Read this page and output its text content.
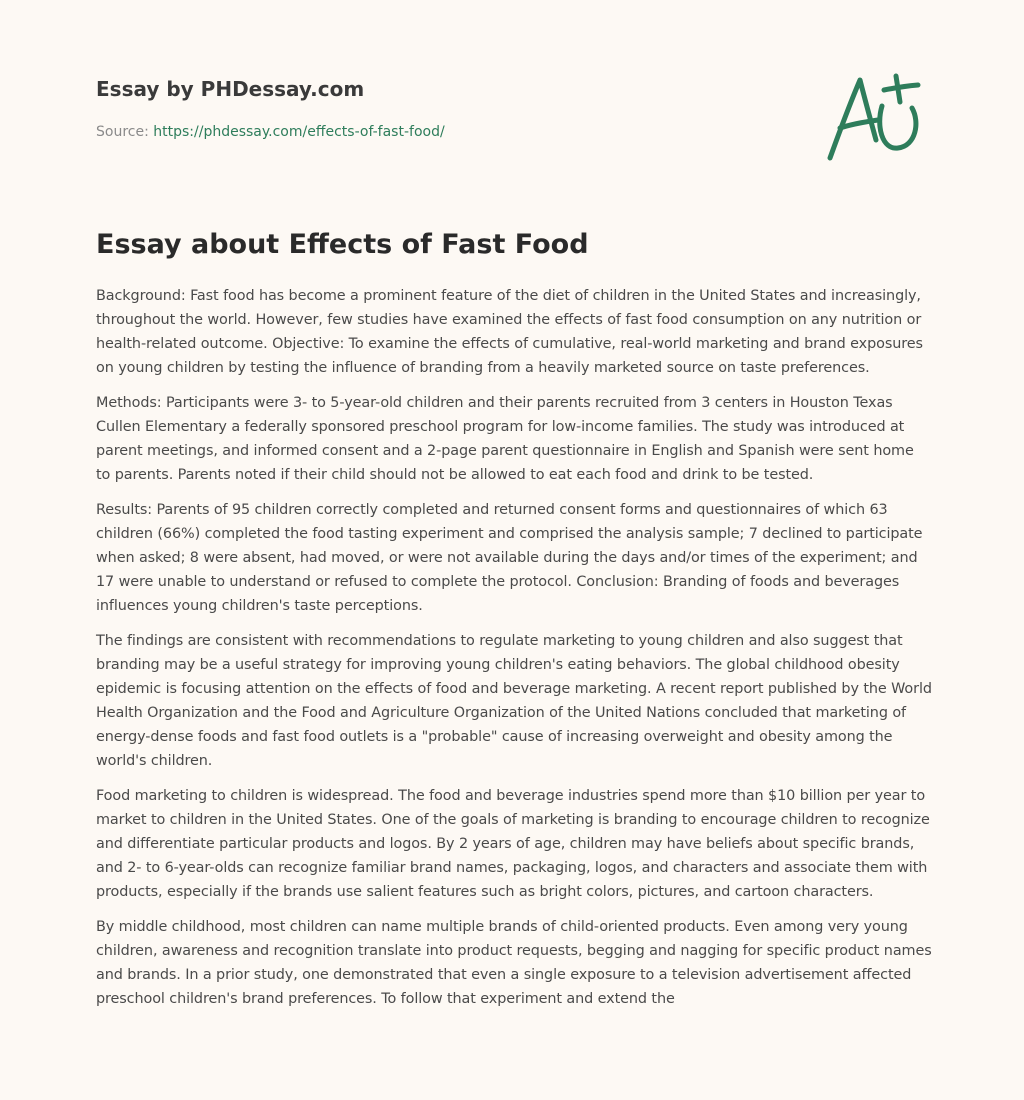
Essay by PHDessay.com
Source: https://phdessay.com/effects-of-fast-food/
Essay about Effects of Fast Food

Background: Fast food has become a prominent feature of the diet of children in the United States and increasingly, throughout the world. However, few studies have examined the effects of fast food consumption on any nutrition or health-related outcome. Objective: To examine the effects of cumulative, real-world marketing and brand exposures on young children by testing the influence of branding from a heavily marketed source on taste preferences.

Methods: Participants were 3- to 5-year-old children and their parents recruited from 3 centers in Houston Texas Cullen Elementary a federally sponsored preschool program for low-income families. The study was introduced at parent meetings, and informed consent and a 2-page parent questionnaire in English and Spanish were sent home to parents. Parents noted if their child should not be allowed to eat each food and drink to be tested.

Results: Parents of 95 children correctly completed and returned consent forms and questionnaires of which 63 children (66%) completed the food tasting experiment and comprised the analysis sample; 7 declined to participate when asked; 8 were absent, had moved, or were not available during the days and/or times of the experiment; and 17 were unable to understand or refused to complete the protocol. Conclusion: Branding of foods and beverages influences young children's taste perceptions.

The findings are consistent with recommendations to regulate marketing to young children and also suggest that branding may be a useful strategy for improving young children's eating behaviors. The global childhood obesity epidemic is focusing attention on the effects of food and beverage marketing. A recent report published by the World Health Organization and the Food and Agriculture Organization of the United Nations concluded that marketing of energy-dense foods and fast food outlets is a "probable" cause of increasing overweight and obesity among the world's children.

Food marketing to children is widespread. The food and beverage industries spend more than $10 billion per year to market to children in the United States. One of the goals of marketing is branding to encourage children to recognize and differentiate particular products and logos. By 2 years of age, children may have beliefs about specific brands, and 2- to 6-year-olds can recognize familiar brand names, packaging, logos, and characters and associate them with products, especially if the brands use salient features such as bright colors, pictures, and cartoon characters.

By middle childhood, most children can name multiple brands of child-oriented products. Even among very young children, awareness and recognition translate into product requests, begging and nagging for specific product names and brands. In a prior study, one demonstrated that even a single exposure to a television advertisement affected preschool children's brand preferences. To follow that experiment and extend the
